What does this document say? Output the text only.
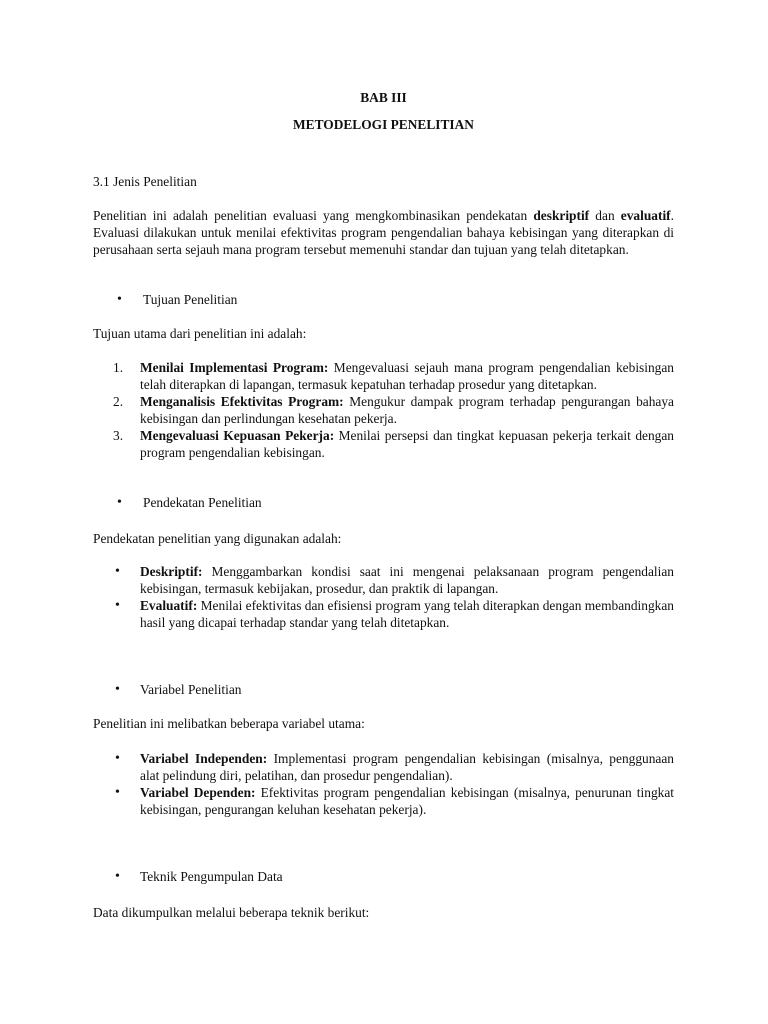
BAB III
METODELOGI PENELITIAN
3.1 Jenis Penelitian

Penelitian ini adalah penelitian evaluasi yang mengkombinasikan pendekatan deskriptif dan evaluatif. Evaluasi dilakukan untuk menilai efektivitas program pengendalian bahaya kebisingan yang diterapkan di perusahaan serta sejauh mana program tersebut memenuhi standar dan tujuan yang telah ditetapkan.

• Tujuan Penelitian
Tujuan utama dari penelitian ini adalah:
1. Menilai Implementasi Program: Mengevaluasi sejauh mana program pengendalian kebisingan telah diterapkan di lapangan, termasuk kepatuhan terhadap prosedur yang ditetapkan.
2. Menganalisis Efektivitas Program: Mengukur dampak program terhadap pengurangan bahaya kebisingan dan perlindungan kesehatan pekerja.
3. Mengevaluasi Kepuasan Pekerja: Menilai persepsi dan tingkat kepuasan pekerja terkait dengan program pengendalian kebisingan.
• Pendekatan Penelitian
Pendekatan penelitian yang digunakan adalah:
• Deskriptif: Menggambarkan kondisi saat ini mengenai pelaksanaan program pengendalian kebisingan, termasuk kebijakan, prosedur, dan praktik di lapangan.
• Evaluatif: Menilai efektivitas dan efisiensi program yang telah diterapkan dengan membandingkan hasil yang dicapai terhadap standar yang telah ditetapkan.
• Variabel Penelitian
Penelitian ini melibatkan beberapa variabel utama:
• Variabel Independen: Implementasi program pengendalian kebisingan (misalnya, penggunaan alat pelindung diri, pelatihan, dan prosedur pengendalian).
• Variabel Dependen: Efektivitas program pengendalian kebisingan (misalnya, penurunan tingkat kebisingan, pengurangan keluhan kesehatan pekerja).
• Teknik Pengumpulan Data
Data dikumpulkan melalui beberapa teknik berikut:
